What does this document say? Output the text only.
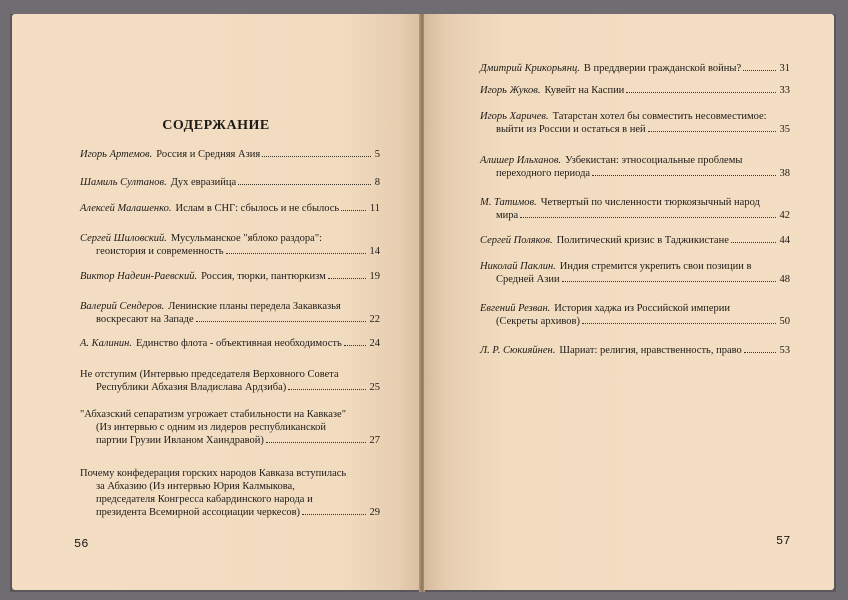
СОДЕРЖАНИЕ
Игорь Артемов. Россия и Средняя Азия	5
Шамиль Султанов. Дух евразийца	8
Алексей Малашенко. Ислам в СНГ: сбылось и не сбылось	11
Сергей Шиловский. Мусульманское "яблоко раздора":
геоистория и современность	14
Виктор Надеин-Раевский. Россия, тюрки, пантюркизм	19
Валерий Сендеров. Ленинские планы передела Закавказья
воскресают на Западе	22
А. Калинин. Единство флота - объективная необходимость	24
Не отступим (Интервью председателя Верховного Совета
Республики Абхазия Владислава Ардзиба)	25
"Абхазский сепаратизм угрожает стабильности на Кавказе"
(Из интервью с одним из лидеров республиканской
партии Грузии Ивланом Хаиндравой)	27
Почему конфедерация горских народов Кавказа вступилась
за Абхазию (Из интервью Юрия Калмыкова,
председателя Конгресса кабардинского народа и
президента Всемирной ассоциации черкесов)	29
56
Дмитрий Крикорьянц. В преддверии гражданской войны?	31
Игорь Жуков. Кувейт на Каспии	33
Игорь Харичев. Татарстан хотел бы совместить несовместимое:
выйти из России и остаться в ней	35
Алишер Ильханов. Узбекистан: этносоциальные проблемы
переходного периода	38
М. Татимов. Четвертый по численности тюркоязычный народ
мира	42
Сергей Поляков. Политический кризис в Таджикистане	44
Николай Паклин. Индия стремится укрепить свои позиции в
Средней Азии	48
Евгений Резван. История хаджа из Российской империи
(Секреты архивов)	50
Л. Р. Сюкияйнен. Шариат: религия, нравственность, право	53
57
